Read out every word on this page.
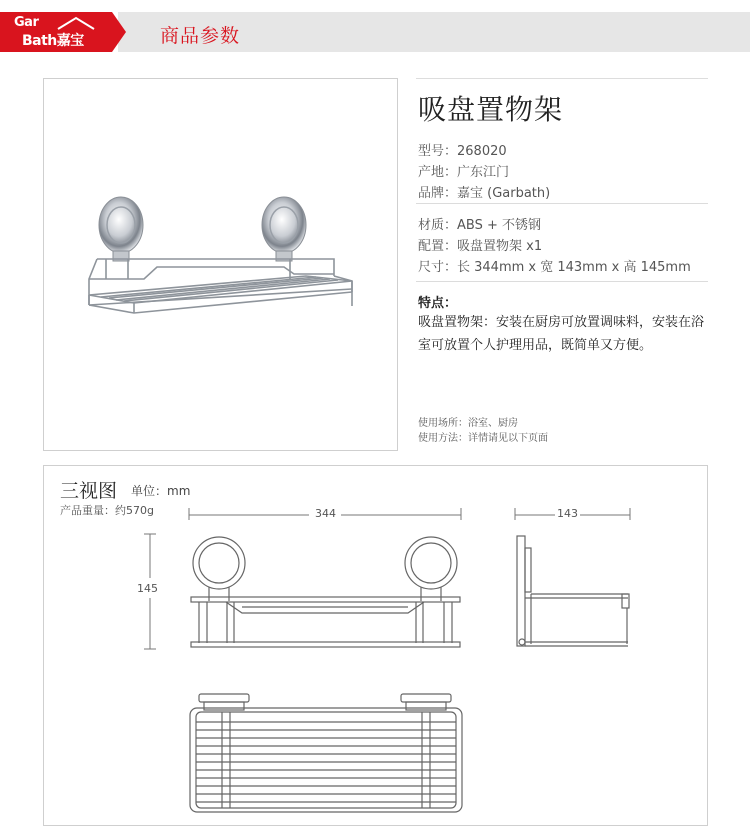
Gar
Bath嘉宝	商品参数
吸盘置物架
型号：268020
产地：广东江门
品牌：嘉宝 (Garbath)
材质：ABS + 不锈钢
配置：吸盘置物架 x1
尺寸：长 344mm x 宽 143mm x 高 145mm
特点：
吸盘置物架：安装在厨房可放置调味料，安装在浴室可放置个人护理用品，既简单又方便。
使用场所：浴室、厨房
使用方法：详情请见以下页面
三视图 单位：mm
产品重量：约570g	344
145
143
